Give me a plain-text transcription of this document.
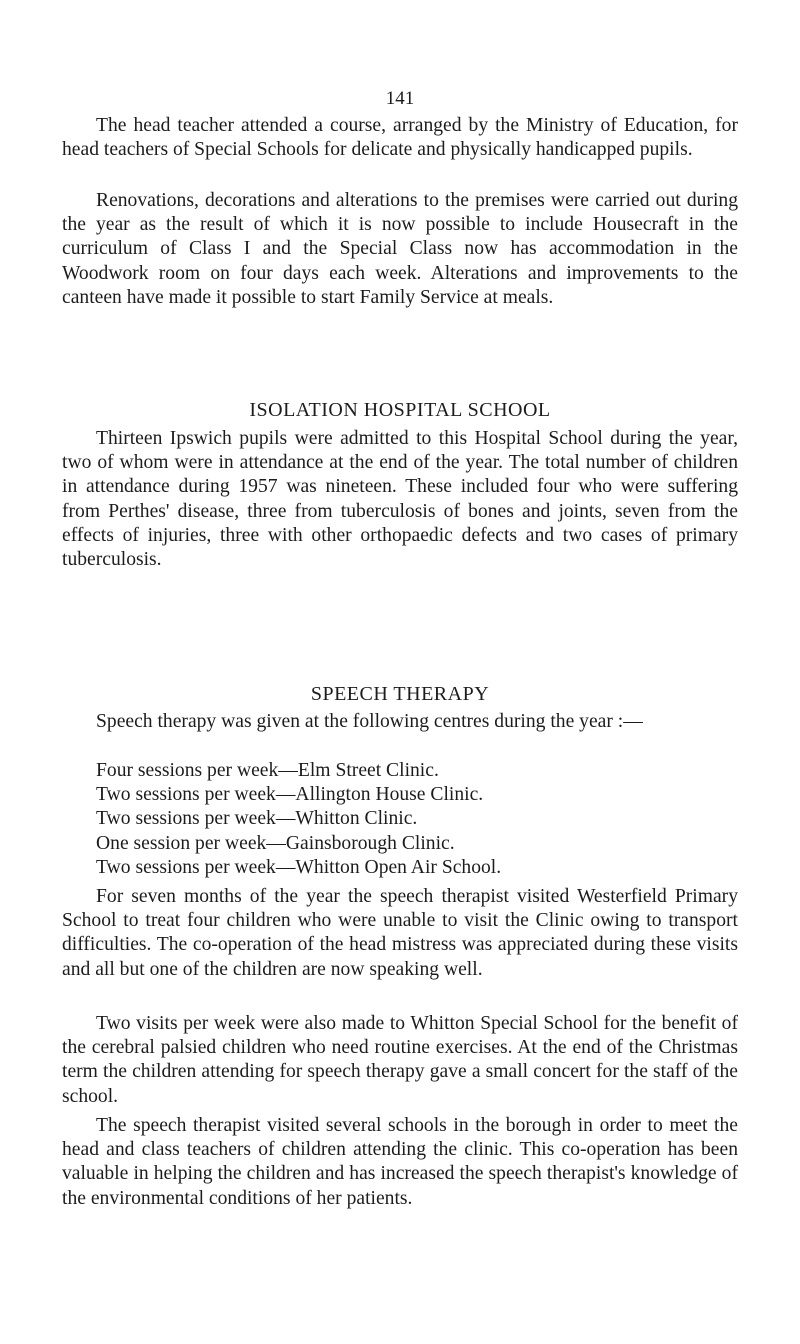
141

The head teacher attended a course, arranged by the Ministry of Education, for head teachers of Special Schools for delicate and physically handicapped pupils.

Renovations, decorations and alterations to the premises were carried out during the year as the result of which it is now possible to include Housecraft in the curriculum of Class I and the Special Class now has accommodation in the Woodwork room on four days each week. Alterations and improvements to the canteen have made it possible to start Family Service at meals.

ISOLATION HOSPITAL SCHOOL

Thirteen Ipswich pupils were admitted to this Hospital School during the year, two of whom were in attendance at the end of the year. The total number of children in attendance during 1957 was nineteen. These included four who were suffering from Perthes' disease, three from tuberculosis of bones and joints, seven from the effects of injuries, three with other orthopaedic defects and two cases of primary tuberculosis.

SPEECH THERAPY

Speech therapy was given at the following centres during the year :—

Four sessions per week—Elm Street Clinic.
Two sessions per week—Allington House Clinic.
Two sessions per week—Whitton Clinic.
One session per week—Gainsborough Clinic.
Two sessions per week—Whitton Open Air School.

For seven months of the year the speech therapist visited Westerfield Primary School to treat four children who were unable to visit the Clinic owing to transport difficulties. The co-operation of the head mistress was appreciated during these visits and all but one of the children are now speaking well.

Two visits per week were also made to Whitton Special School for the benefit of the cerebral palsied children who need routine exercises. At the end of the Christmas term the children attending for speech therapy gave a small concert for the staff of the school.

The speech therapist visited several schools in the borough in order to meet the head and class teachers of children attending the clinic. This co-operation has been valuable in helping the children and has increased the speech therapist's knowledge of the environmental conditions of her patients.
